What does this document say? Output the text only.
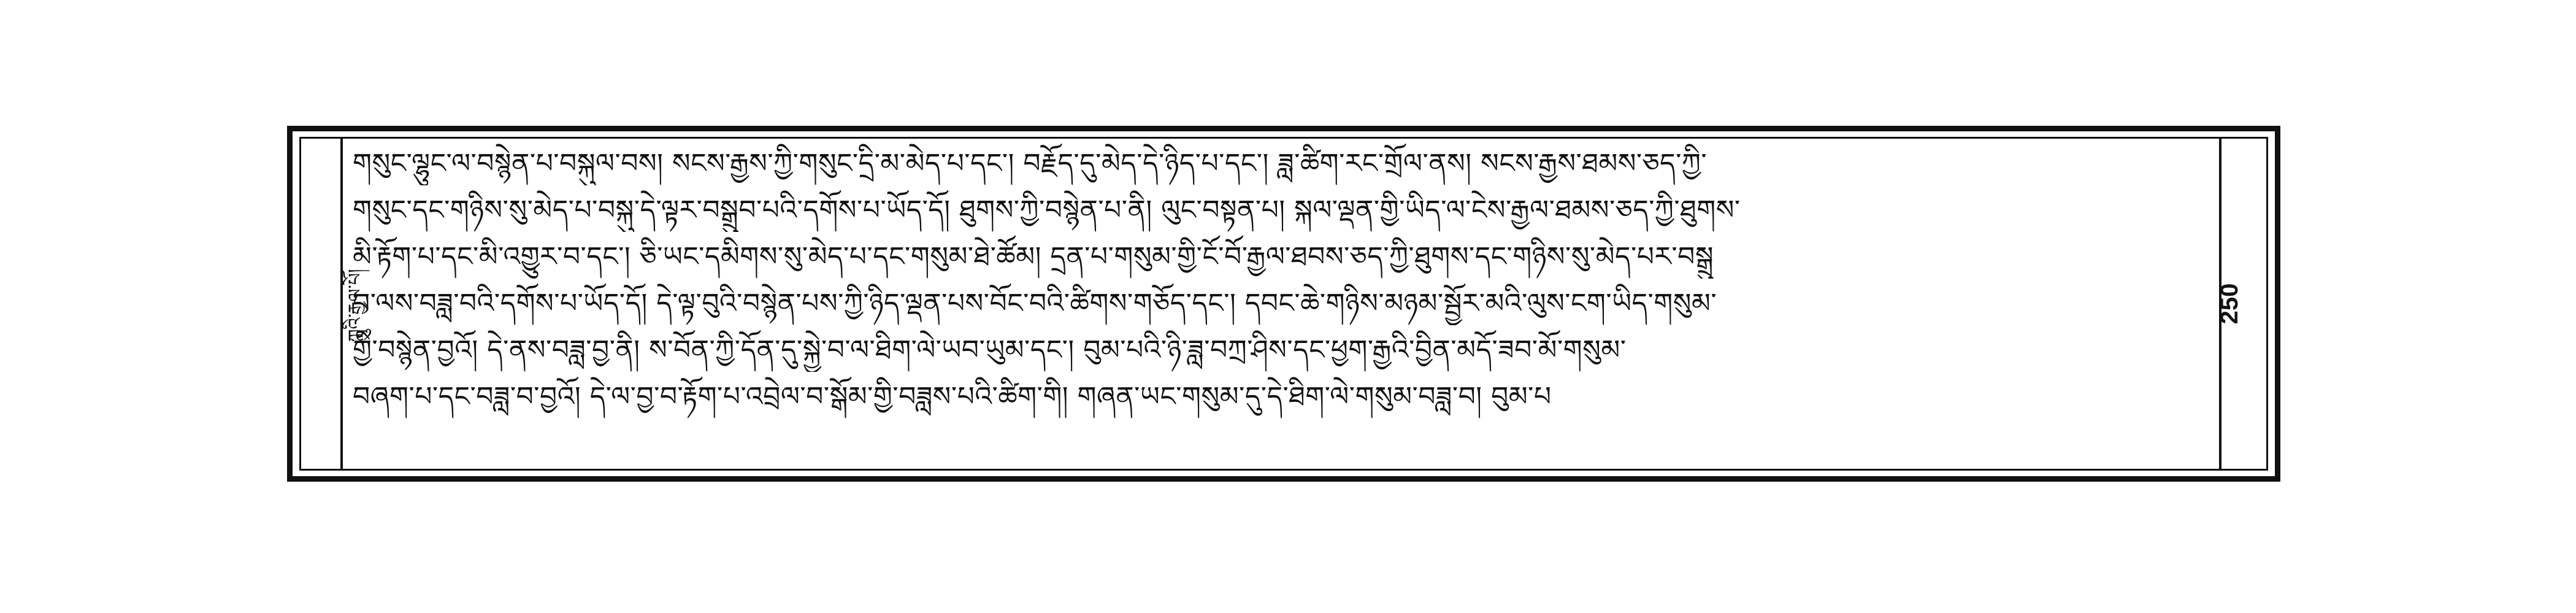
ཀླུའི་རྒྱལ་པོ།	250
གསུང་ལྷུང་ལ་བསྙེན་པ་བསྐུལ་བས། སངས་རྒྱས་ཀྱི་གསུང་དྲི་མ་མེད་པ་དང་། བརྗོད་དུ་མེད་དེ་ཉིད་པ་དང་། ཟླ་ཚིག་རང་གྲོལ་ནས། སངས་རྒྱས་ཐམས་ཅད་ཀྱི་
གསུང་དང་གཉིས་སུ་མེད་པ་བསྐུ་དེ་ལྟར་བསྒྲུབ་པའི་དགོས་པ་ཡོད་དོ། ཐུགས་ཀྱི་བསྙེན་པ་ནི། ལུང་བསྟན་པ། སྐལ་ལྡན་གྱི་ཡིད་ལ་ངེས་རྒྱལ་ཐམས་ཅད་ཀྱི་ཐུགས་
མི་རྟོག་པ་དང་མི་འགྱུར་བ་དང་། ཅི་ཡང་དམིགས་སུ་མེད་པ་དང་གསུམ་ཐེ་ཚོམ། དྲན་པ་གསུམ་གྱི་ངོ་བོ་རྒྱལ་ཐབས་ཅད་ཀྱི་ཐུགས་དང་གཉིས་སུ་མེད་པར་བསྒྲུ
བ་ལས་བཟླ་བའི་དགོས་པ་ཡོད་དོ། དེ་ལྟ་བུའི་བསྙེན་པས་ཀྱི་ཉིད་ལྡན་པས་བོང་བའི་ཚིགས་གཅོད་དང་། དབང་ཆེ་གཉིས་མཉམ་སྦྱོར་མའི་ལུས་ངག་ཡིད་གསུམ་
གྱི་བསྙེན་བྱའོ། དེ་ནས་བཟླ་བྱ་ནི། ས་བོན་ཀྱི་དོན་དུ་སྐྱེ་བ་ལ་ཐིག་ལེ་ཡབ་ཡུམ་དང་། བུམ་པའི་ཉི་ཟླ་བཀྲ་ཤིས་དང་ཕྱག་རྒྱའི་བྱིན་མདོ་ཟབ་མོ་གསུམ་
བཞག་པ་དང་བཟླ་བ་བྱའོ། དེ་ལ་བྱ་བ་རྟོག་པ་འབྲེལ་བ་སྒོམ་གྱི་བཟླས་པའི་ཚིག་གི། གཞན་ཡང་གསུམ་དུ་དེ་ཐིག་ལེ་གསུམ་བཟླ་བ། བུམ་པ
